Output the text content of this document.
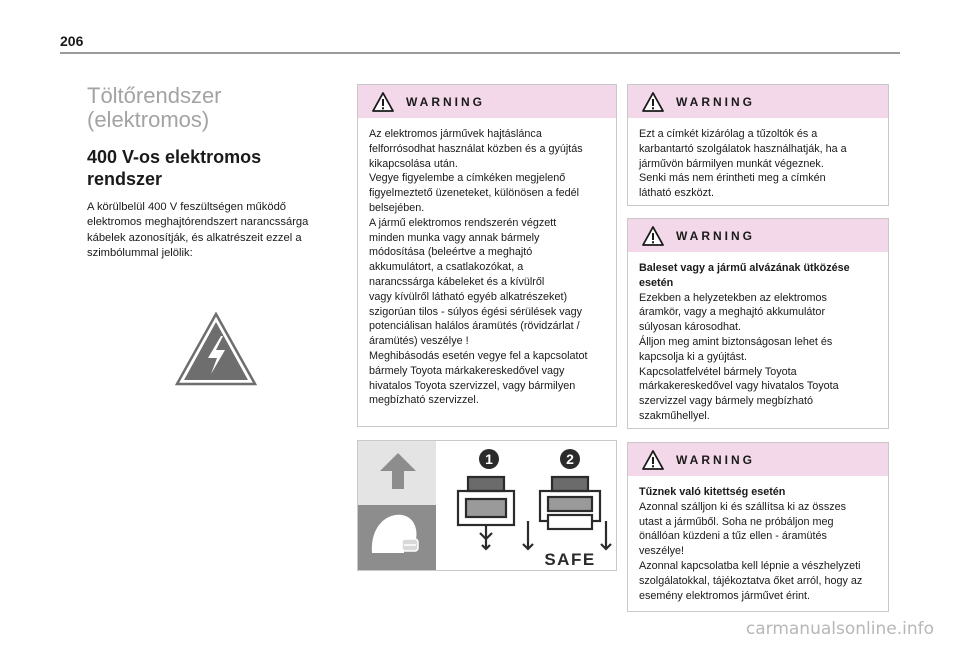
206
Töltőrendszer
(elektromos)
400 V-os elektromos
rendszer
A körülbelül 400 V feszültségen működő
elektromos meghajtórendszert narancssárga
kábelek azonosítják, és alkatrészeit ezzel a
szimbólummal jelölik:
WARNING
Az elektromos járművek hajtáslánca
felforrósodhat használat közben és a gyújtás
kikapcsolása után.
Vegye figyelembe a címkéken megjelenő
figyelmeztető üzeneteket, különösen a fedél
belsejében.
A jármű elektromos rendszerén végzett
minden munka vagy annak bármely
módosítása (beleértve a meghajtó
akkumulátort, a csatlakozókat, a
narancssárga kábeleket és a kívülről
vagy kívülről látható egyéb alkatrészeket)
szigorúan tilos - súlyos égési sérülések vagy
potenciálisan halálos áramütés (rövidzárlat /
áramütés) veszélye !
Meghibásodás esetén vegye fel a kapcsolatot
bármely Toyota márkakereskedővel vagy
hivatalos Toyota szervizzel, vagy bármilyen
megbízható szervizzel.
1	2
SAFE
WARNING
Ezt a címkét kizárólag a tűzoltók és a
karbantartó szolgálatok használhatják, ha a
járművön bármilyen munkát végeznek.
Senki más nem érintheti meg a címkén
látható eszközt.
WARNING
Baleset vagy a jármű alvázának ütközése
esetén
Ezekben a helyzetekben az elektromos
áramkör, vagy a meghajtó akkumulátor
súlyosan károsodhat.
Álljon meg amint biztonságosan lehet és
kapcsolja ki a gyújtást.
Kapcsolatfelvétel bármely Toyota
márkakereskedővel vagy hivatalos Toyota
szervizzel vagy bármely megbízható
szakműhellyel.
WARNING
Tűznek való kitettség esetén
Azonnal szálljon ki és szállítsa ki az összes
utast a járműből. Soha ne próbáljon meg
önállóan küzdeni a tűz ellen - áramütés
veszélye!
Azonnal kapcsolatba kell lépnie a vészhelyzeti
szolgálatokkal, tájékoztatva őket arról, hogy az
esemény elektromos járművet érint.
carmanualsonline.info
